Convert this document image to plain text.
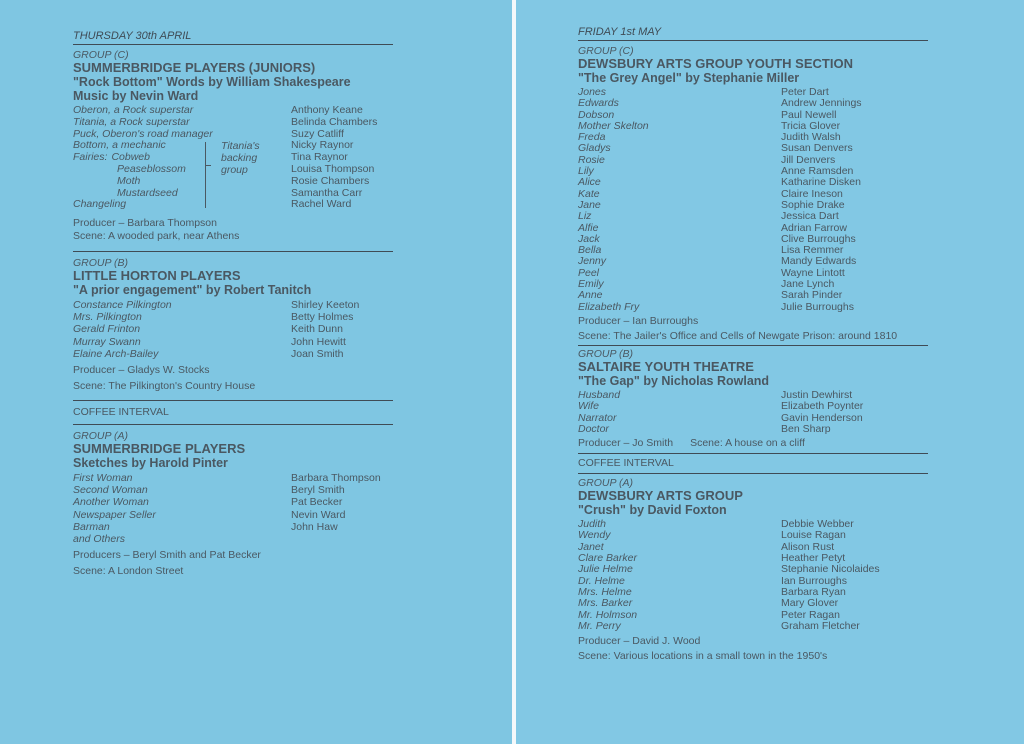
THURSDAY 30th APRIL
GROUP (C)
SUMMERBRIDGE PLAYERS (JUNIORS)
"Rock Bottom" Words by William Shakespeare
Music by Nevin Ward
Oberon, a Rock superstar	Anthony Keane
Titania, a Rock superstar	Belinda Chambers
Puck, Oberon's road manager	Suzy Catliff
Bottom, a mechanic	Nicky Raynor
Fairies: Cobweb	Tina Raynor
Peaseblossom	Louisa Thompson
Moth	Rosie Chambers
Mustardseed	Samantha Carr
Changeling	Rachel Ward
Titania's
backing
group
Producer – Barbara Thompson
Scene: A wooded park, near Athens
GROUP (B)
LITTLE HORTON PLAYERS
"A prior engagement" by Robert Tanitch
Constance Pilkington	Shirley Keeton
Mrs. Pilkington	Betty Holmes
Gerald Frinton	Keith Dunn
Murray Swann	John Hewitt
Elaine Arch-Bailey	Joan Smith
Producer – Gladys W. Stocks
Scene: The Pilkington's Country House
COFFEE INTERVAL
GROUP (A)
SUMMERBRIDGE PLAYERS
Sketches by Harold Pinter
First Woman	Barbara Thompson
Second Woman	Beryl Smith
Another Woman	Pat Becker
Newspaper Seller	Nevin Ward
Barman	John Haw
and Others
Producers – Beryl Smith and Pat Becker
Scene: A London Street
FRIDAY 1st MAY
GROUP (C)
DEWSBURY ARTS GROUP YOUTH SECTION
"The Grey Angel" by Stephanie Miller
Jones	Peter Dart
Edwards	Andrew Jennings
Dobson	Paul Newell
Mother Skelton	Tricia Glover
Freda	Judith Walsh
Gladys	Susan Denvers
Rosie	Jill Denvers
Lily	Anne Ramsden
Alice	Katharine Disken
Kate	Claire Ineson
Jane	Sophie Drake
Liz	Jessica Dart
Alfie	Adrian Farrow
Jack	Clive Burroughs
Bella	Lisa Remmer
Jenny	Mandy Edwards
Peel	Wayne Lintott
Emily	Jane Lynch
Anne	Sarah Pinder
Elizabeth Fry	Julie Burroughs
Producer – Ian Burroughs
Scene: The Jailer's Office and Cells of Newgate Prison: around 1810
GROUP (B)
SALTAIRE YOUTH THEATRE
"The Gap" by Nicholas Rowland
Husband	Justin Dewhirst
Wife	Elizabeth Poynter
Narrator	Gavin Henderson
Doctor	Ben Sharp
Producer – Jo Smith Scene: A house on a cliff
COFFEE INTERVAL
GROUP (A)
DEWSBURY ARTS GROUP
"Crush" by David Foxton
Judith	Debbie Webber
Wendy	Louise Ragan
Janet	Alison Rust
Clare Barker	Heather Petyt
Julie Helme	Stephanie Nicolaides
Dr. Helme	Ian Burroughs
Mrs. Helme	Barbara Ryan
Mrs. Barker	Mary Glover
Mr. Holmson	Peter Ragan
Mr. Perry	Graham Fletcher
Producer – David J. Wood
Scene: Various locations in a small town in the 1950's
